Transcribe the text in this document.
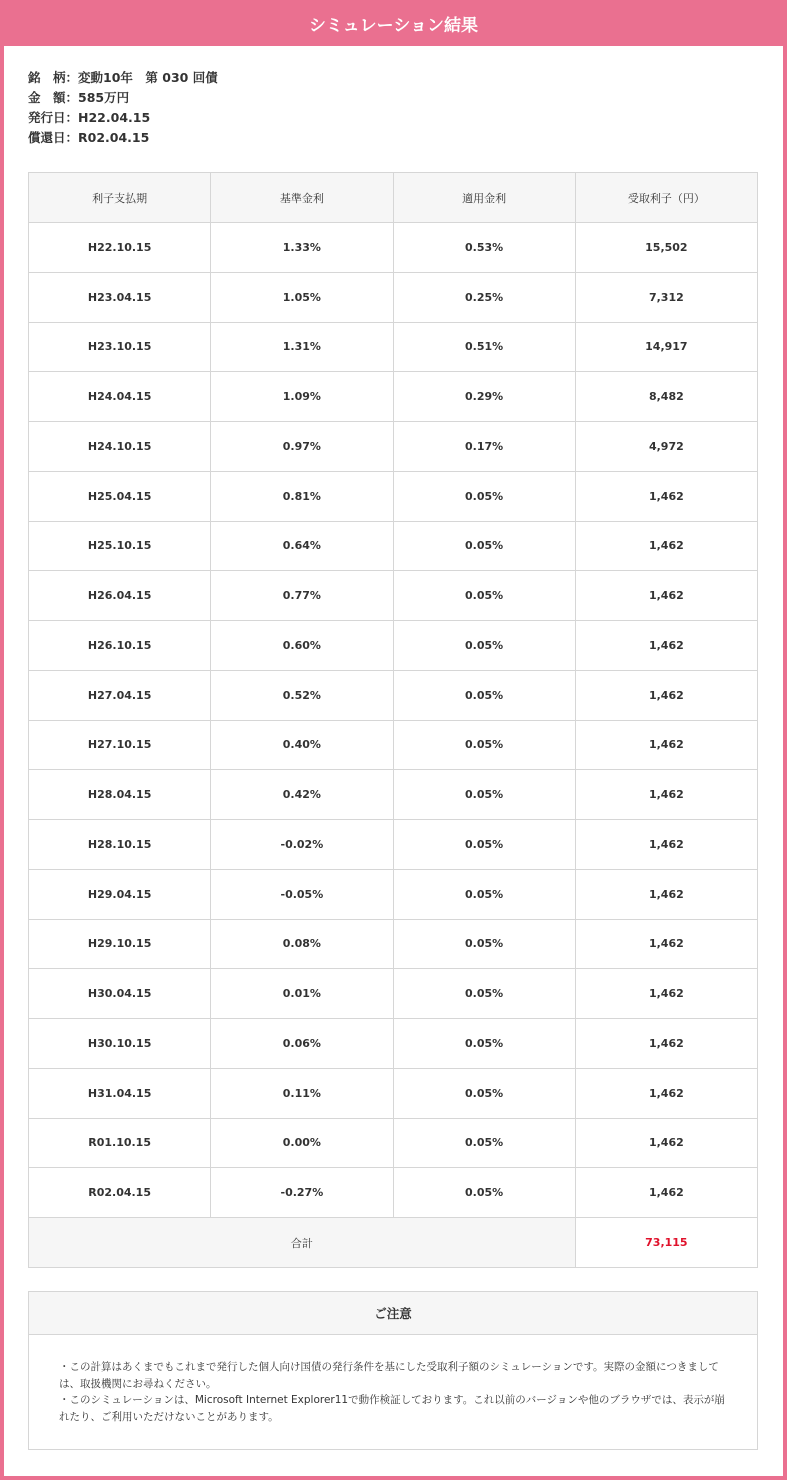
シミュレーション結果
銘　柄：変動10年　第 030 回債
金　額：585万円
発行日：H22.04.15
償還日：R02.04.15
利子支払期	基準金利	適用金利	受取利子（円）
H22.10.15	1.33%	0.53%	15,502
H23.04.15	1.05%	0.25%	7,312
H23.10.15	1.31%	0.51%	14,917
H24.04.15	1.09%	0.29%	8,482
H24.10.15	0.97%	0.17%	4,972
H25.04.15	0.81%	0.05%	1,462
H25.10.15	0.64%	0.05%	1,462
H26.04.15	0.77%	0.05%	1,462
H26.10.15	0.60%	0.05%	1,462
H27.04.15	0.52%	0.05%	1,462
H27.10.15	0.40%	0.05%	1,462
H28.04.15	0.42%	0.05%	1,462
H28.10.15	-0.02%	0.05%	1,462
H29.04.15	-0.05%	0.05%	1,462
H29.10.15	0.08%	0.05%	1,462
H30.04.15	0.01%	0.05%	1,462
H30.10.15	0.06%	0.05%	1,462
H31.04.15	0.11%	0.05%	1,462
R01.10.15	0.00%	0.05%	1,462
R02.04.15	-0.27%	0.05%	1,462
合計			73,115
ご注意

・この計算はあくまでもこれまで発行した個人向け国債の発行条件を基にした受取利子額のシミュレーションです。実際の金額につきましては、取扱機関にお尋ねください。

・このシミュレーションは、Microsoft Internet Explorer11で動作検証しております。これ以前のバージョンや他のブラウザでは、表示が崩れたり、ご利用いただけないことがあります。
